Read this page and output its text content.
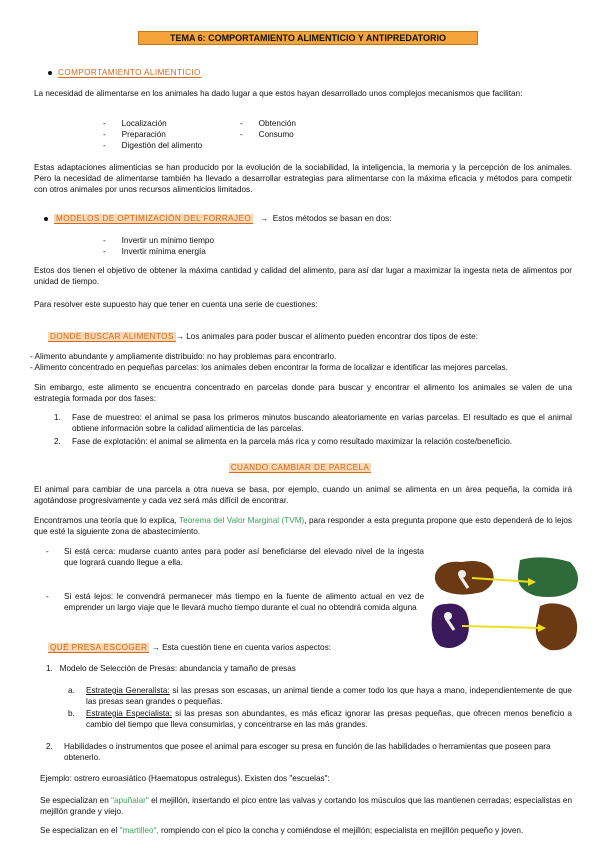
TEMA 6: COMPORTAMIENTO ALIMENTICIO Y ANTIPREDATORIO
COMPORTAMIENTO ALIMENTICIO
La necesidad de alimentarse en los animales ha dado lugar a que estos hayan desarrollado unos complejos mecanismos que facilitan:
-       Localización
-       Preparación
-       Digestión del alimento
-       Obtención
-       Consumo
Estas adaptaciones alimenticias se han producido por la evolución de la sociabilidad, la inteligencia, la memoria y la percepción de los animales. Pero la necesidad de alimentarse también ha llevado a desarrollar estrategias para alimentarse con la máxima eficacia y métodos para competir con otros animales por unos recursos alimenticios limitados.
MODELOS DE OPTIMIZACIÓN DEL FORRAJEO → Estos métodos se basan en dos:
-       Invertir un mínimo tiempo
-       Invertir mínima energía
Estos dos tienen el objetivo de obtener la máxima cantidad y calidad del alimento, para así dar lugar a maximizar la ingesta neta de alimentos por unidad de tiempo.
Para resolver este supuesto hay que tener en cuenta una serie de cuestiones:
DONDE BUSCAR ALIMENTOS → Los animales para poder buscar el alimento pueden encontrar dos tipos de este:
- Alimento abundante y ampliamente distribuido: no hay problemas para encontrarlo.
- Alimento concentrado en pequeñas parcelas: los animales deben encontrar la forma de localizar e identificar las mejores parcelas.
Sin embargo, este alimento se encuentra concentrado en parcelas donde para buscar y encontrar el alimento los animales se valen de una estrategia formada por dos fases:
1. Fase de muestreo: el animal se pasa los primeros minutos buscando aleatoriamente en varias parcelas. El resultado es que el animal obtiene información sobre la calidad alimenticia de las parcelas.
2. Fase de explotación: el animal se alimenta en la parcela más rica y como resultado maximizar la relación coste/beneficio.
CUANDO CAMBIAR DE PARCELA
El animal para cambiar de una parcela a otra nueva se basa, por ejemplo, cuando un animal se alimenta en un área pequeña, la comida irá agotándose progresivamente y cada vez será más difícil de encontrar.
Encontramos una teoría que lo explica, Teorema del Valor Marginal (TVM), para responder a esta pregunta propone que esto dependerá de lo lejos que esté la siguiente zona de abastecimiento.
- Si está cerca: mudarse cuanto antes para poder así beneficiarse del elevado nivel de la ingesta que logrará cuando llegue a ella.
- Si está lejos: le convendrá permanecer más tiempo en la fuente de alimento actual en vez de emprender un largo viaje que le llevará mucho tiempo durante el cual no obtendrá comida alguna
QUÉ PRESA ESCOGER → Esta cuestión tiene en cuenta varios aspectos:
1. Modelo de Selección de Presas: abundancia y tamaño de presas
a. Estrategia Generalista: si las presas son escasas, un animal tiende a comer todo los que haya a mano, independientemente de que las presas sean grandes o pequeñas.
b. Estrategia Especialista: si las presas son abundantes, es más eficaz ignorar las presas pequeñas, que ofrecen menos beneficio a cambio del tiempo que lleva consumirlas, y concentrarse en las más grandes.
2. Habilidades o instrumentos que posee el animal para escoger su presa en función de las habilidades o herramientas que poseen para obtenerlo.
Ejemplo: ostrero euroasiático (Haematopus ostralegus). Existen dos "escuelas":
Se especializan en "apuñalar" el mejillón, insertando el pico entre las valvas y cortando los músculos que las mantienen cerradas; especialistas en mejillón grande y viejo.
Se especializan en el "martilleo", rompiendo con el pico la concha y comiéndose el mejillón; especialista en mejillón pequeño y joven.
